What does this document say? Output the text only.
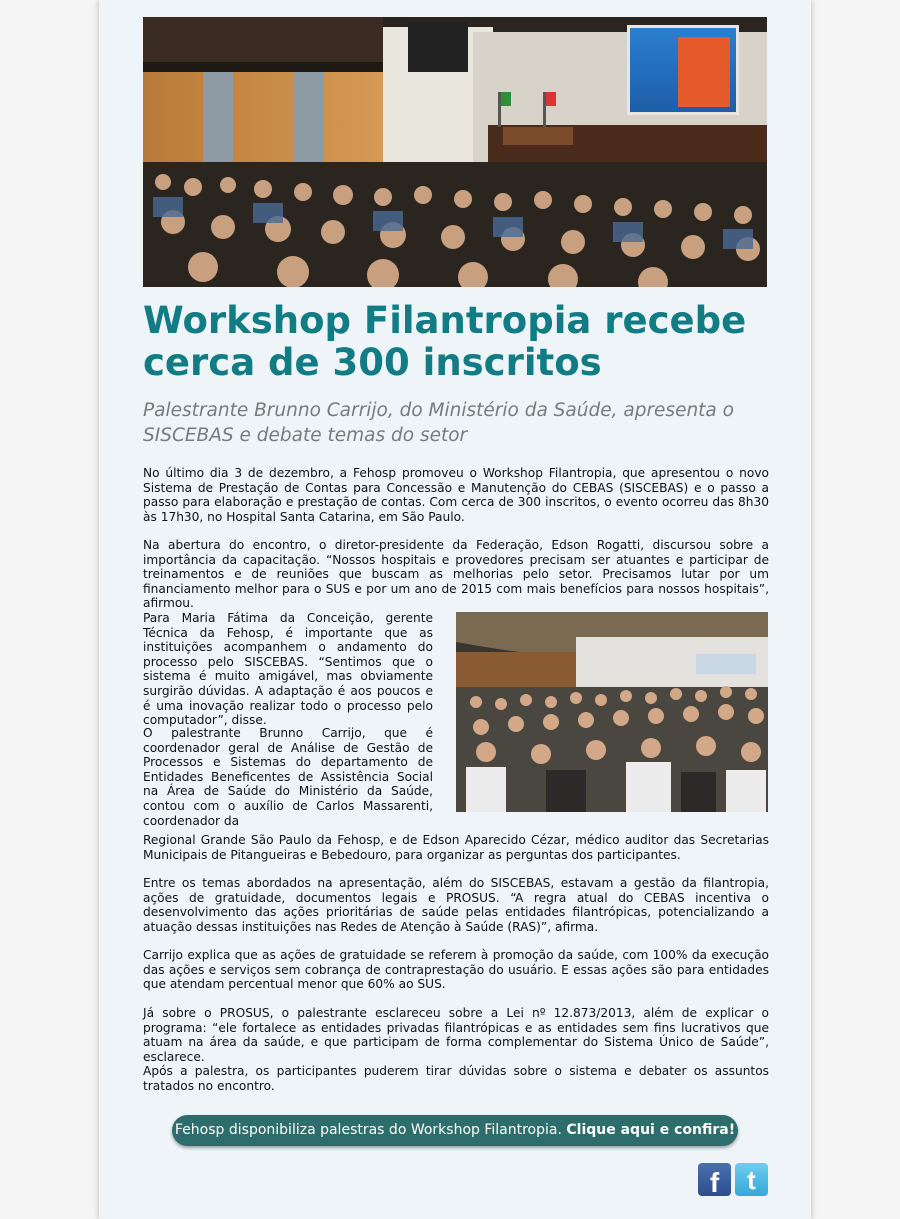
Workshop Filantropia recebe cerca de 300 inscritos

Palestrante Brunno Carrijo, do Ministério da Saúde, apresenta o SISCEBAS e debate temas do setor

No último dia 3 de dezembro, a Fehosp promoveu o Workshop Filantropia, que apresentou o novo Sistema de Prestação de Contas para Concessão e Manutenção do CEBAS (SISCEBAS) e o passo a passo para elaboração e prestação de contas. Com cerca de 300 inscritos, o evento ocorreu das 8h30 às 17h30, no Hospital Santa Catarina, em São Paulo.

Na abertura do encontro, o diretor-presidente da Federação, Edson Rogatti, discursou sobre a importância da capacitação. “Nossos hospitais e provedores precisam ser atuantes e participar de treinamentos e de reuniões que buscam as melhorias pelo setor. Precisamos lutar por um financiamento melhor para o SUS e por um ano de 2015 com mais benefícios para nossos hospitais”, afirmou.

Para Maria Fátima da Conceição, gerente Técnica da Fehosp, é importante que as instituições acompanhem o andamento do processo pelo SISCEBAS. “Sentimos que o sistema é muito amigável, mas obviamente surgirão dúvidas. A adaptação é aos poucos e é uma inovação realizar todo o processo pelo computador”, disse.

O palestrante Brunno Carrijo, que é coordenador geral de Análise de Gestão de Processos e Sistemas do departamento de Entidades Beneficentes de Assistência Social na Área de Saúde do Ministério da Saúde, contou com o auxílio de Carlos Massarenti, coordenador da

Regional Grande São Paulo da Fehosp, e de Edson Aparecido Cézar, médico auditor das Secretarias Municipais de Pitangueiras e Bebedouro, para organizar as perguntas dos participantes.

Entre os temas abordados na apresentação, além do SISCEBAS, estavam a gestão da filantropia, ações de gratuidade, documentos legais e PROSUS. “A regra atual do CEBAS incentiva o desenvolvimento das ações prioritárias de saúde pelas entidades filantrópicas, potencializando a atuação dessas instituições nas Redes de Atenção à Saúde (RAS)”, afirma.

Carrijo explica que as ações de gratuidade se referem à promoção da saúde, com 100% da execução das ações e serviços sem cobrança de contraprestação do usuário. E essas ações são para entidades que atendam percentual menor que 60% ao SUS.

Já sobre o PROSUS, o palestrante esclareceu sobre a Lei nº 12.873/2013, além de explicar o programa: “ele fortalece as entidades privadas filantrópicas e as entidades sem fins lucrativos que atuam na área da saúde, e que participam de forma complementar do Sistema Único de Saúde”, esclarece.

Após a palestra, os participantes puderem tirar dúvidas sobre o sistema e debater os assuntos tratados no encontro.

Fehosp disponibiliza palestras do Workshop Filantropia. Clique aqui e confira!
f	t
